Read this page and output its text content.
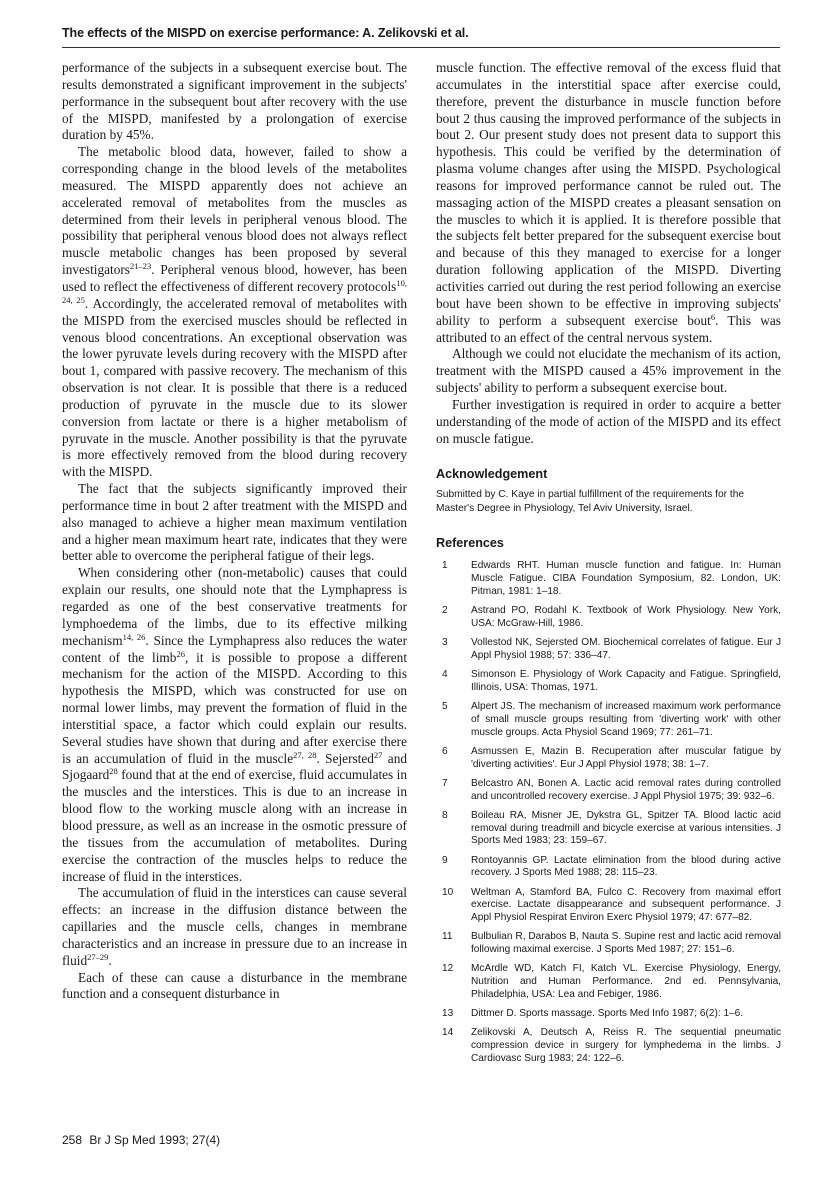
The effects of the MISPD on exercise performance: A. Zelikovski et al.

performance of the subjects in a subsequent exercise bout. The results demonstrated a significant improvement in the subjects' performance in the subsequent bout after recovery with the use of the MISPD, manifested by a prolongation of exercise duration by 45%.

The metabolic blood data, however, failed to show a corresponding change in the blood levels of the metabolites measured. The MISPD apparently does not achieve an accelerated removal of metabolites from the muscles as determined from their levels in peripheral venous blood. The possibility that peripheral venous blood does not always reflect muscle metabolic changes has been proposed by several investigators$^{21-23}$. Peripheral venous blood, however, has been used to reflect the effectiveness of different recovery protocols$^{10, 24, 25}$. Accordingly, the accelerated removal of metabolites with the MISPD from the exercised muscles should be reflected in venous blood concentrations. An exceptional observation was the lower pyruvate levels during recovery with the MISPD after bout 1, compared with passive recovery. The mechanism of this observation is not clear. It is possible that there is a reduced production of pyruvate in the muscle due to its slower conversion from lactate or there is a higher metabolism of pyruvate in the muscle. Another possibility is that the pyruvate is more effectively removed from the blood during recovery with the MISPD.

The fact that the subjects significantly improved their performance time in bout 2 after treatment with the MISPD and also managed to achieve a higher mean maximum ventilation and a higher mean maximum heart rate, indicates that they were better able to overcome the peripheral fatigue of their legs.

When considering other (non-metabolic) causes that could explain our results, one should note that the Lymphapress is regarded as one of the best conservative treatments for lymphoedema of the limbs, due to its effective milking mechanism$^{14, 26}$. Since the Lymphapress also reduces the water content of the limb$^{26}$, it is possible to propose a different mechanism for the action of the MISPD. According to this hypothesis the MISPD, which was constructed for use on normal lower limbs, may prevent the formation of fluid in the interstitial space, a factor which could explain our results. Several studies have shown that during and after exercise there is an accumulation of fluid in the muscle$^{27, 28}$. Sejersted$^{27}$ and Sjogaard$^{28}$ found that at the end of exercise, fluid accumulates in the muscles and the interstices. This is due to an increase in blood flow to the working muscle along with an increase in blood pressure, as well as an increase in the osmotic pressure of the tissues from the accumulation of metabolites. During exercise the contraction of the muscles helps to reduce the increase of fluid in the interstices.

The accumulation of fluid in the interstices can cause several effects: an increase in the diffusion distance between the capillaries and the muscle cells, changes in membrane characteristics and an increase in pressure due to an increase in fluid$^{27-29}$.

Each of these can cause a disturbance in the membrane function and a consequent disturbance in

muscle function. The effective removal of the excess fluid that accumulates in the interstitial space after exercise could, therefore, prevent the disturbance in muscle function before bout 2 thus causing the improved performance of the subjects in bout 2. Our present study does not present data to support this hypothesis. This could be verified by the determination of plasma volume changes after using the MISPD. Psychological reasons for improved performance cannot be ruled out. The massaging action of the MISPD creates a pleasant sensation on the muscles to which it is applied. It is therefore possible that the subjects felt better prepared for the subsequent exercise bout and because of this they managed to exercise for a longer duration following application of the MISPD. Diverting activities carried out during the rest period following an exercise bout have been shown to be effective in improving subjects' ability to perform a subsequent exercise bout$^6$. This was attributed to an effect of the central nervous system.

Although we could not elucidate the mechanism of its action, treatment with the MISPD caused a 45% improvement in the subjects' ability to perform a subsequent exercise bout.

Further investigation is required in order to acquire a better understanding of the mode of action of the MISPD and its effect on muscle fatigue.

Acknowledgement

Submitted by C. Kaye in partial fulfillment of the requirements for the Master's Degree in Physiology, Tel Aviv University, Israel.

References
1	Edwards RHT. Human muscle function and fatigue. In: Human Muscle Fatigue. CIBA Foundation Symposium, 82. London, UK: Pitman, 1981: 1–18.
2	Astrand PO, Rodahl K. Textbook of Work Physiology. New York, USA: McGraw-Hill, 1986.
3	Vollestod NK, Sejersted OM. Biochemical correlates of fatigue. Eur J Appl Physiol 1988; 57: 336–47.
4	Simonson E. Physiology of Work Capacity and Fatigue. Springfield, Illinois, USA: Thomas, 1971.
5	Alpert JS. The mechanism of increased maximum work performance of small muscle groups resulting from 'diverting work' with other muscle groups. Acta Physiol Scand 1969; 77: 261–71.
6	Asmussen E, Mazin B. Recuperation after muscular fatigue by 'diverting activities'. Eur J Appl Physiol 1978; 38: 1–7.
7	Belcastro AN, Bonen A. Lactic acid removal rates during controlled and uncontrolled recovery exercise. J Appl Physiol 1975; 39: 932–6.
8	Boileau RA, Misner JE, Dykstra GL, Spitzer TA. Blood lactic acid removal during treadmill and bicycle exercise at various intensities. J Sports Med 1983; 23: 159–67.
9	Rontoyannis GP. Lactate elimination from the blood during active recovery. J Sports Med 1988; 28: 115–23.
10	Weltman A, Stamford BA, Fulco C. Recovery from maximal effort exercise. Lactate disappearance and subsequent performance. J Appl Physiol Respirat Environ Exerc Physiol 1979; 47: 677–82.
11	Bulbulian R, Darabos B, Nauta S. Supine rest and lactic acid removal following maximal exercise. J Sports Med 1987; 27: 151–6.
12	McArdle WD, Katch FI, Katch VL. Exercise Physiology, Energy, Nutrition and Human Performance. 2nd ed. Pennsylvania, Philadelphia, USA: Lea and Febiger, 1986.
13	Dittmer D. Sports massage. Sports Med Info 1987; 6(2): 1–6.
14	Zelikovski A, Deutsch A, Reiss R. The sequential pneumatic compression device in surgery for lymphedema in the limbs. J Cardiovasc Surg 1983; 24: 122–6.
258 Br J Sp Med 1993; 27(4)
